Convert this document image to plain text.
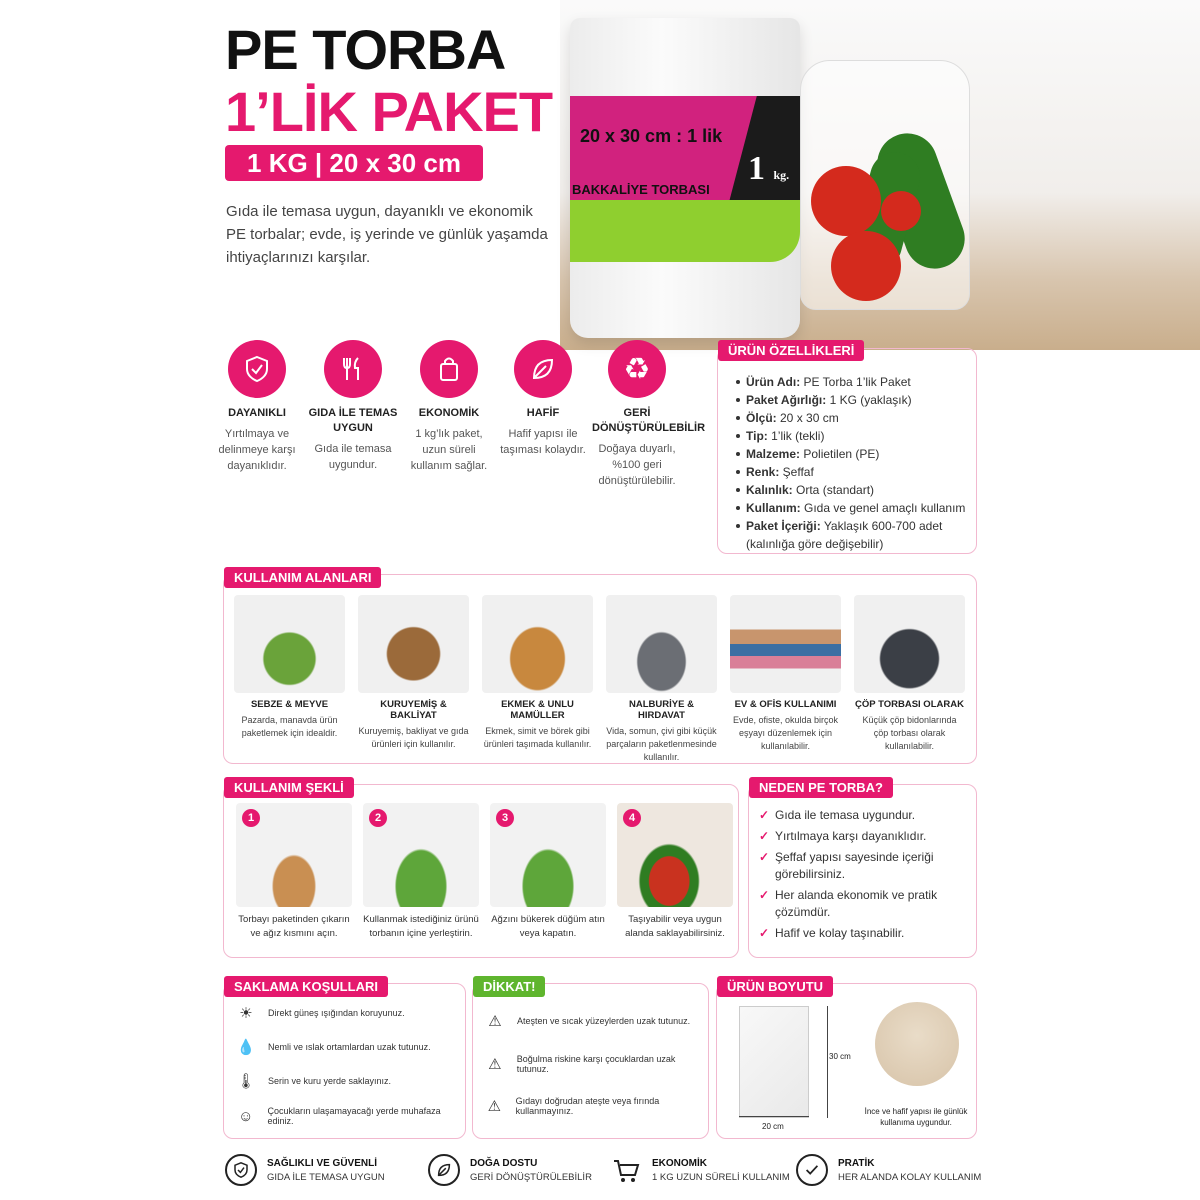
PE TORBA
1’LİK PAKET
1 KG | 20 x 30 cm
Gıda ile temasa uygun, dayanıklı ve ekonomik PE torbalar; evde, iş yerinde ve günlük yaşamda ihtiyaçlarınızı karşılar.
20 x 30 cm : 1 lik
BAKKALİYE TORBASI
1 kg.
DAYANIKLI
Yırtılmaya ve delinmeye karşı dayanıklıdır.
GIDA İLE TEMAS UYGUN
Gıda ile temasa uygundur.
EKONOMİK
1 kg’lık paket, uzun süreli kullanım sağlar.
HAFİF
Hafif yapısı ile taşıması kolaydır.
♻
GERİ DÖNÜŞTÜRÜLEBİLİR
Doğaya duyarlı, %100 geri dönüştürülebilir.
ÜRÜN ÖZELLİKLERİ
Ürün Adı: PE Torba 1’lik Paket
Paket Ağırlığı: 1 KG (yaklaşık)
Ölçü: 20 x 30 cm
Tip: 1’lik (tekli)
Malzeme: Polietilen (PE)
Renk: Şeffaf
Kalınlık: Orta (standart)
Kullanım: Gıda ve genel amaçlı kullanım
Paket İçeriği: Yaklaşık 600-700 adet (kalınlığa göre değişebilir)
KULLANIM ALANLARI
SEBZE & MEYVE
Pazarda, manavda ürün paketlemek için idealdir.
KURUYEMİŞ & BAKLİYAT
Kuruyemiş, bakliyat ve gıda ürünleri için kullanılır.
EKMEK & UNLU MAMÜLLER
Ekmek, simit ve börek gibi ürünleri taşımada kullanılır.
NALBURİYE & HIRDAVAT
Vida, somun, çivi gibi küçük parçaların paketlenmesinde kullanılır.
EV & OFİS KULLANIMI
Evde, ofiste, okulda birçok eşyayı düzenlemek için kullanılabilir.
ÇÖP TORBASI OLARAK
Küçük çöp bidonlarında çöp torbası olarak kullanılabilir.
KULLANIM ŞEKLİ
1
Torbayı paketinden çıkarın ve ağız kısmını açın.
2
Kullanmak istediğiniz ürünü torbanın içine yerleştirin.
3
Ağzını bükerek düğüm atın veya kapatın.
4
Taşıyabilir veya uygun alanda saklayabilirsiniz.
NEDEN PE TORBA?
✓ Gıda ile temasa uygundur.
✓ Yırtılmaya karşı dayanıklıdır.
✓ Şeffaf yapısı sayesinde içeriği görebilirsiniz.
✓ Her alanda ekonomik ve pratik çözümdür.
✓ Hafif ve kolay taşınabilir.
SAKLAMA KOŞULLARI
☀	Direkt güneş ışığından koruyunuz.
💧 Nemli ve ıslak ortamlardan uzak tutunuz.
🌡 Serin ve kuru yerde saklayınız.
☺	Çocukların ulaşamayacağı yerde muhafaza ediniz.
DİKKAT!
⚠	Ateşten ve sıcak yüzeylerden uzak tutunuz.
⚠	Boğulma riskine karşı çocuklardan uzak tutunuz.
⚠	Gıdayı doğrudan ateşte veya fırında kullanmayınız.
ÜRÜN BOYUTU
30 cm
20 cm
İnce ve hafif yapısı ile günlük kullanıma uygundur.
SAĞLIKLI VE GÜVENLİ
GIDA İLE TEMASA UYGUN
DOĞA DOSTU
GERİ DÖNÜŞTÜRÜLEBİLİR
EKONOMİK
1 KG UZUN SÜRELİ KULLANIM
PRATİK
HER ALANDA KOLAY KULLANIM
